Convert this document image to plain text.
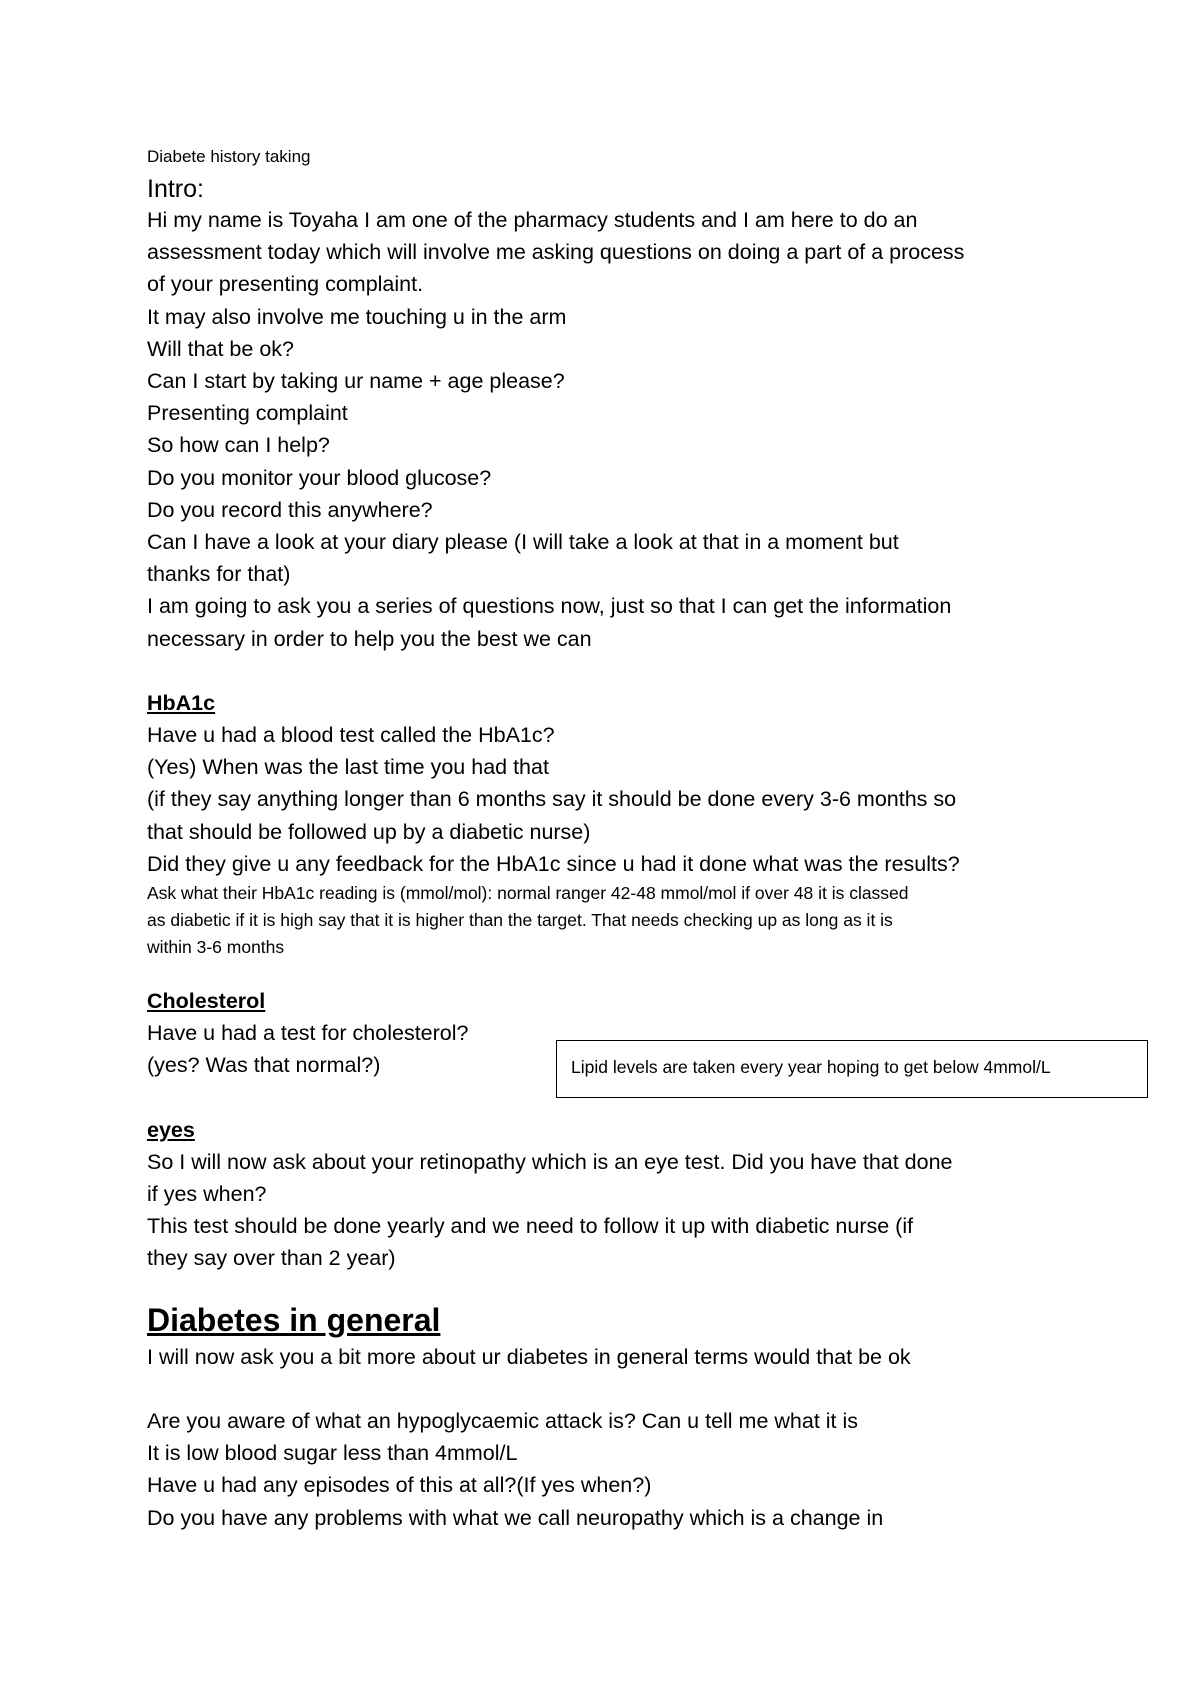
Diabete history taking

Intro:

Hi my name is Toyaha I am one of the pharmacy students and I am here to do an

assessment today which will involve me asking questions on doing a part of a process

of your presenting complaint.

It may also involve me touching u in the arm

Will that be ok?

Can I start by taking ur name + age please?

Presenting complaint

So how can I help?

Do you monitor your blood glucose?

Do you record this anywhere?

Can I have a look at your diary please (I will take a look at that in a moment but

thanks for that)

I am going to ask you a series of questions now, just so that I can get the information

necessary in order to help you the best we can

HbA1c

Have u had a blood test called the HbA1c?

(Yes) When was the last time you had that

(if they say anything longer than 6 months say it should be done every 3-6 months so

that should be followed up by a diabetic nurse)

Did they give u any feedback for the HbA1c since u had it done what was the results?

Ask what their HbA1c reading is (mmol/mol): normal ranger 42-48 mmol/mol if over 48 it is classed

as diabetic if it is high say that it is higher than the target. That needs checking up as long as it is

within 3-6 months

Cholesterol

Have u had a test for cholesterol?

(yes? Was that normal?)

eyes

So I will now ask about your retinopathy which is an eye test. Did you have that done

if yes when?

This test should be done yearly and we need to follow it up with diabetic nurse (if

they say over than 2 year)

Diabetes in general

I will now ask you a bit more about ur diabetes in general terms would that be ok

Are you aware of what an hypoglycaemic attack is? Can u tell me what it is

It is low blood sugar less than 4mmol/L

Have u had any episodes of this at all?(If yes when?)

Do you have any problems with what we call neuropathy which is a change in

Lipid levels are taken every year hoping to get below 4mmol/L
